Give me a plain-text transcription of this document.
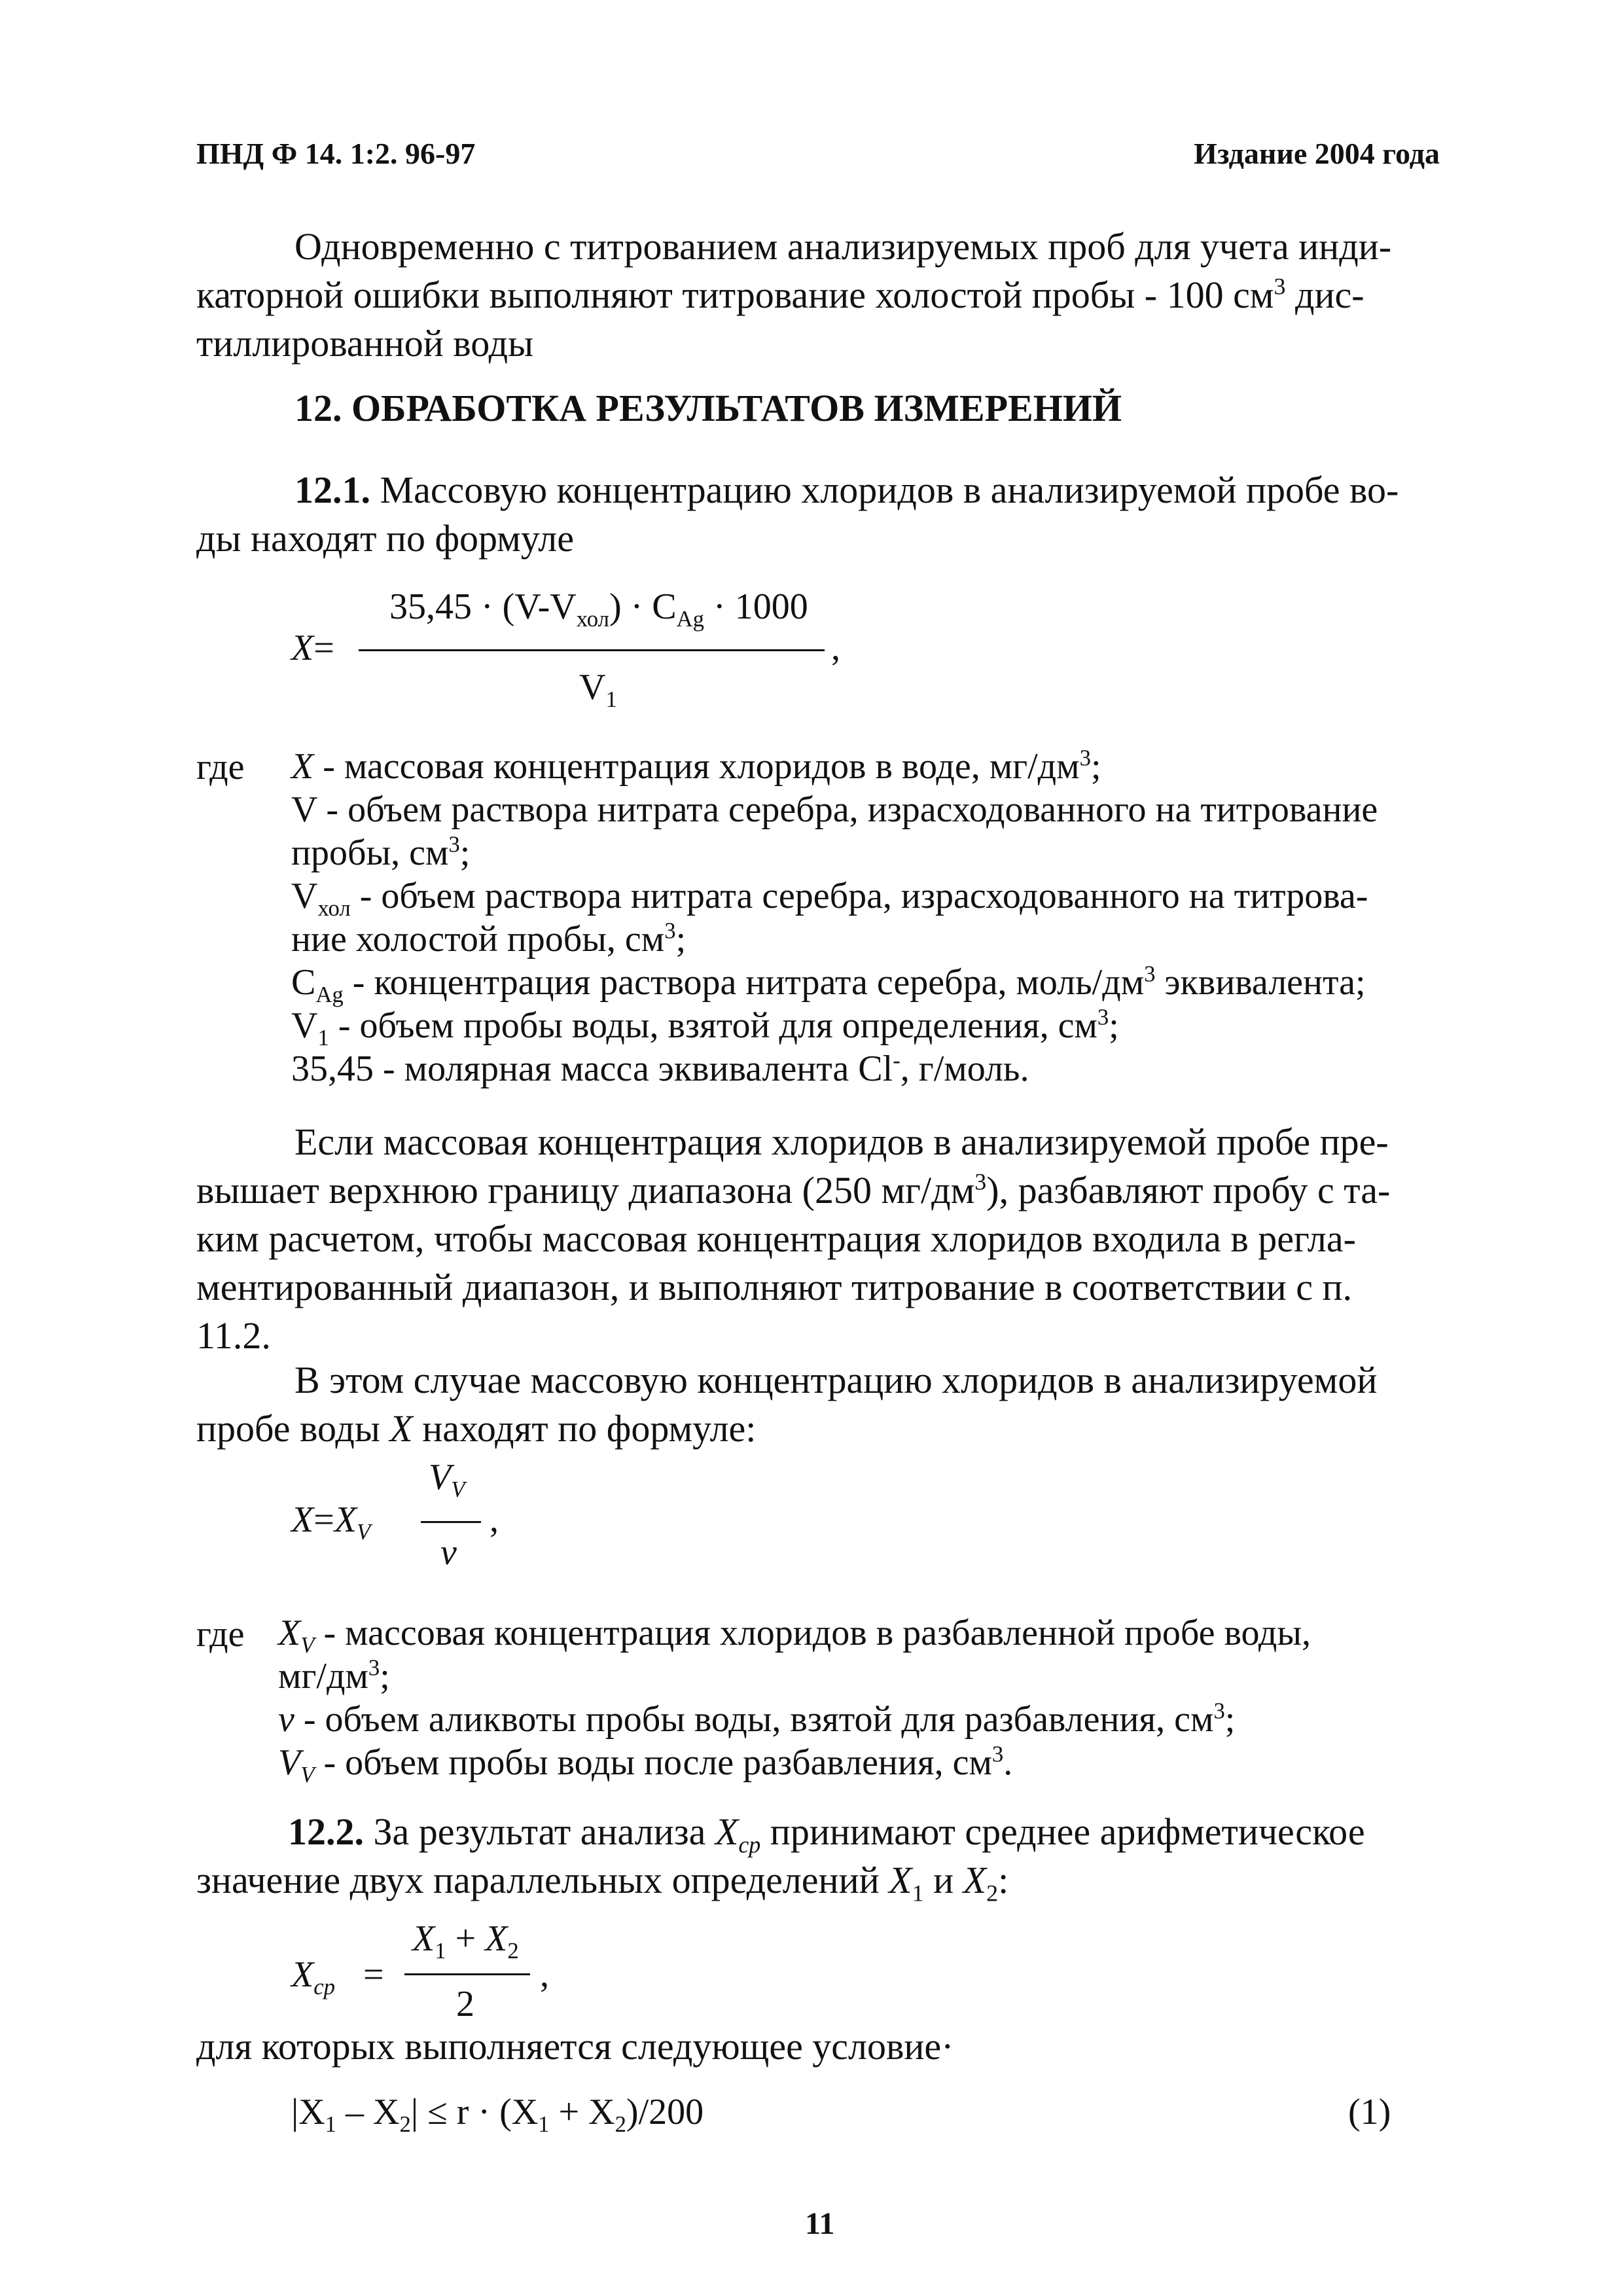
ПНД Ф 14. 1:2. 96-97	Издание 2004 года
Одновременно с титрованием анализируемых проб для учета инди-
каторной ошибки выполняют титрование холостой пробы - 100 $см^3$ дис-
тиллированной воды
12. ОБРАБОТКА РЕЗУЛЬТАТОВ ИЗМЕРЕНИЙ
12.1. Массовую концентрацию хлоридов в анализируемой пробе во-
ды находят по формуле
X=
$35,45 \cdot (V-V_{хол}) \cdot C_{Ag} \cdot 1000$
,
$V_1$
где X - массовая концентрация хлоридов в воде, $мг/дм^3$;
V - объем раствора нитрата серебра, израсходованного на титрование
пробы, $см^3$;
$V_{хол}$ - объем раствора нитрата серебра, израсходованного на титрова-
ние холостой пробы, $см^3$;
$C_{Ag}$ - концентрация раствора нитрата серебра, моль/$дм^3$ эквивалента;
$V_1$ - объем пробы воды, взятой для определения, $см^3$;
35,45 - молярная масса эквивалента Cl-, г/моль.
Если массовая концентрация хлоридов в анализируемой пробе пре-
вышает верхнюю границу диапазона (250 $мг/дм^3$), разбавляют пробу с та-
ким расчетом, чтобы массовая концентрация хлоридов входила в регла-
ментированный диапазон, и выполняют титрование в соответствии с п.
11.2.
В этом случае массовую концентрацию хлоридов в анализируемой
пробе воды X находят по формуле:
$X=X_V$
$V_V$
,
v
где $X_V$ - массовая концентрация хлоридов в разбавленной пробе воды,
$мг/дм^3$;
v - объем аликвоты пробы воды, взятой для разбавления, $см^3$;
$V_V$ - объем пробы воды после разбавления, $см^3$.
12.2. За результат анализа $X_{ср}$ принимают среднее арифметическое
значение двух параллельных определений $X_1$ и $X_2$:
$X_{ср}$ =
$X_1 + X_2$
,
2
для которых выполняется следующее условие·
$|X_1 - X_2| \le r \cdot (X_1 + X_2)/200$	(1)
11
